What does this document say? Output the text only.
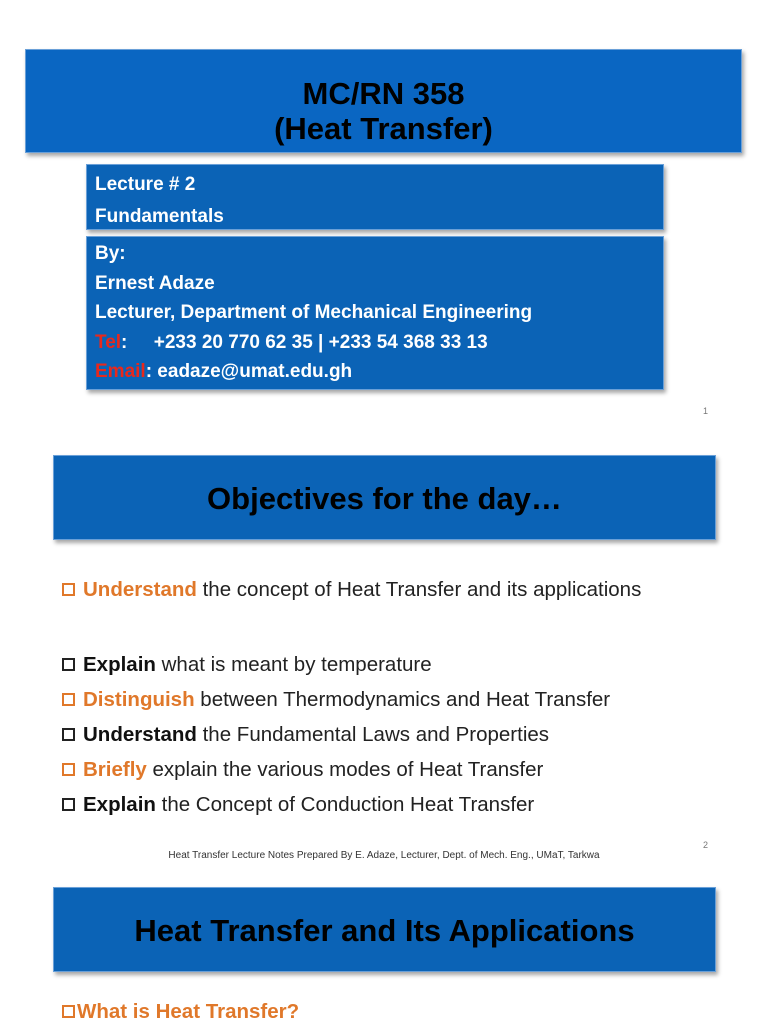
MC/RN 358
(Heat Transfer)
Lecture # 2
Fundamentals
By:
Ernest Adaze
Lecturer, Department of Mechanical Engineering
Tel:     +233 20 770 62 35 | +233 54 368 33 13
Email: eadaze@umat.edu.gh
1
Objectives for the day…
Understand the concept of Heat Transfer and its applications
Explain what is meant by temperature
Distinguish between Thermodynamics and Heat Transfer
Understand the Fundamental Laws and Properties
Briefly explain the various modes of Heat Transfer
Explain the Concept of Conduction Heat Transfer
Heat Transfer Lecture Notes Prepared By E. Adaze, Lecturer, Dept. of Mech. Eng., UMaT, Tarkwa
2
Heat Transfer and Its Applications
What is Heat Transfer?
